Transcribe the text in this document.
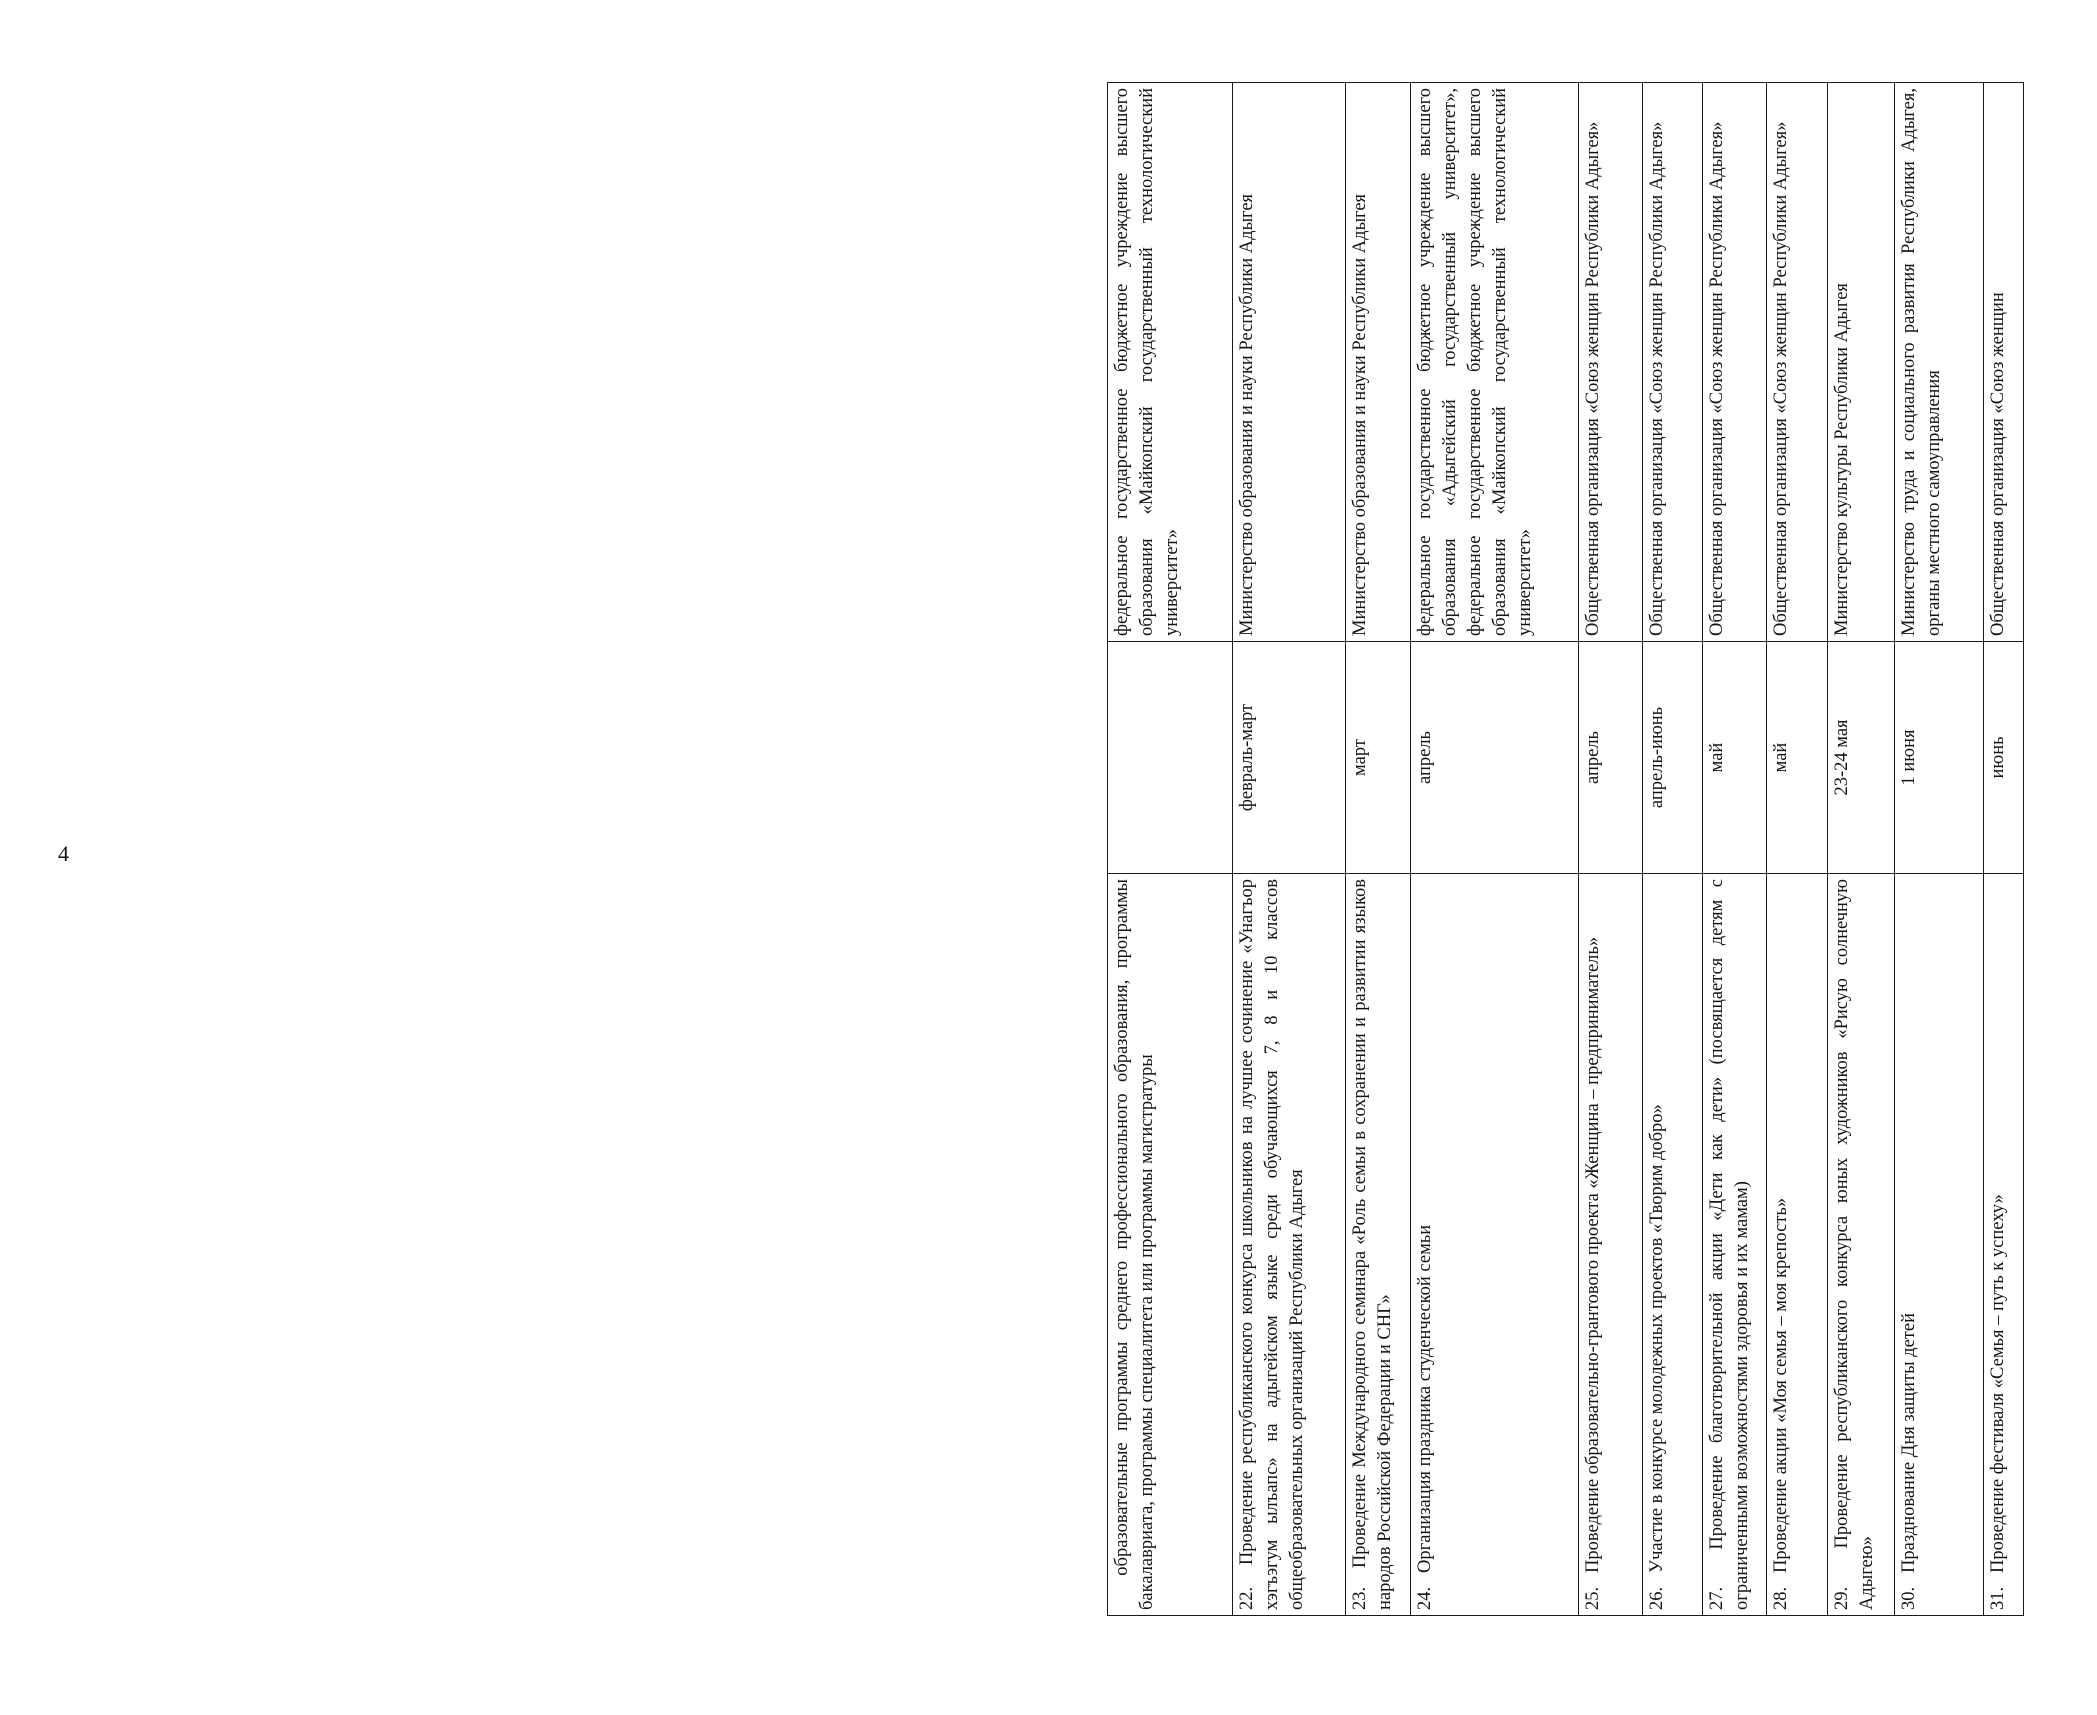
4
образовательные программы среднего профессионального образования, программы бакалавриата, программы специалитета или программы магистратуры		федеральное государственное бюджетное учреждение высшего образования «Майкопский государственный технологический университет»
22.Проведение республиканского конкурса школьников на лучшее сочинение «Унагъор хэгъэгум ылъапс» на адыгейском языке среди обучающихся 7, 8 и 10 классов общеобразовательных организаций Республики Адыгея	февраль-март	Министерство образования и науки Республики Адыгея
23.Проведение Международного семинара «Роль семьи в сохранении и развитии языков народов Российской Федерации и СНГ»	март	Министерство образования и науки Республики Адыгея
24.Организация праздника студенческой семьи	апрель	федеральное государственное бюджетное учреждение высшего образования «Адыгейский государственный университет», федеральное государственное бюджетное учреждение высшего образования «Майкопский государственный технологический университет»
25.Проведение образовательно-грантового проекта «Женщина – предприниматель»	апрель	Общественная организация «Союз женщин Республики Адыгея»
26.Участие в конкурсе молодежных проектов «Творим добро»	апрель-июнь	Общественная организация «Союз женщин Республики Адыгея»
27.Проведение благотворительной акции «Дети как дети» (посвящается детям с ограниченными возможностями здоровья и их мамам)	май	Общественная организация «Союз женщин Республики Адыгея»
28.Проведение акции «Моя семья – моя крепость»	май	Общественная организация «Союз женщин Республики Адыгея»
29.Проведение республиканского конкурса юных художников «Рисую солнечную Адыгею»	23-24 мая	Министерство культуры Республики Адыгея
30.Празднование Дня защиты детей	1 июня	Министерство труда и социального развития Республики Адыгея, органы местного самоуправления
31.Проведение фестиваля «Семья – путь к успеху»	июнь	Общественная организация «Союз женщин
